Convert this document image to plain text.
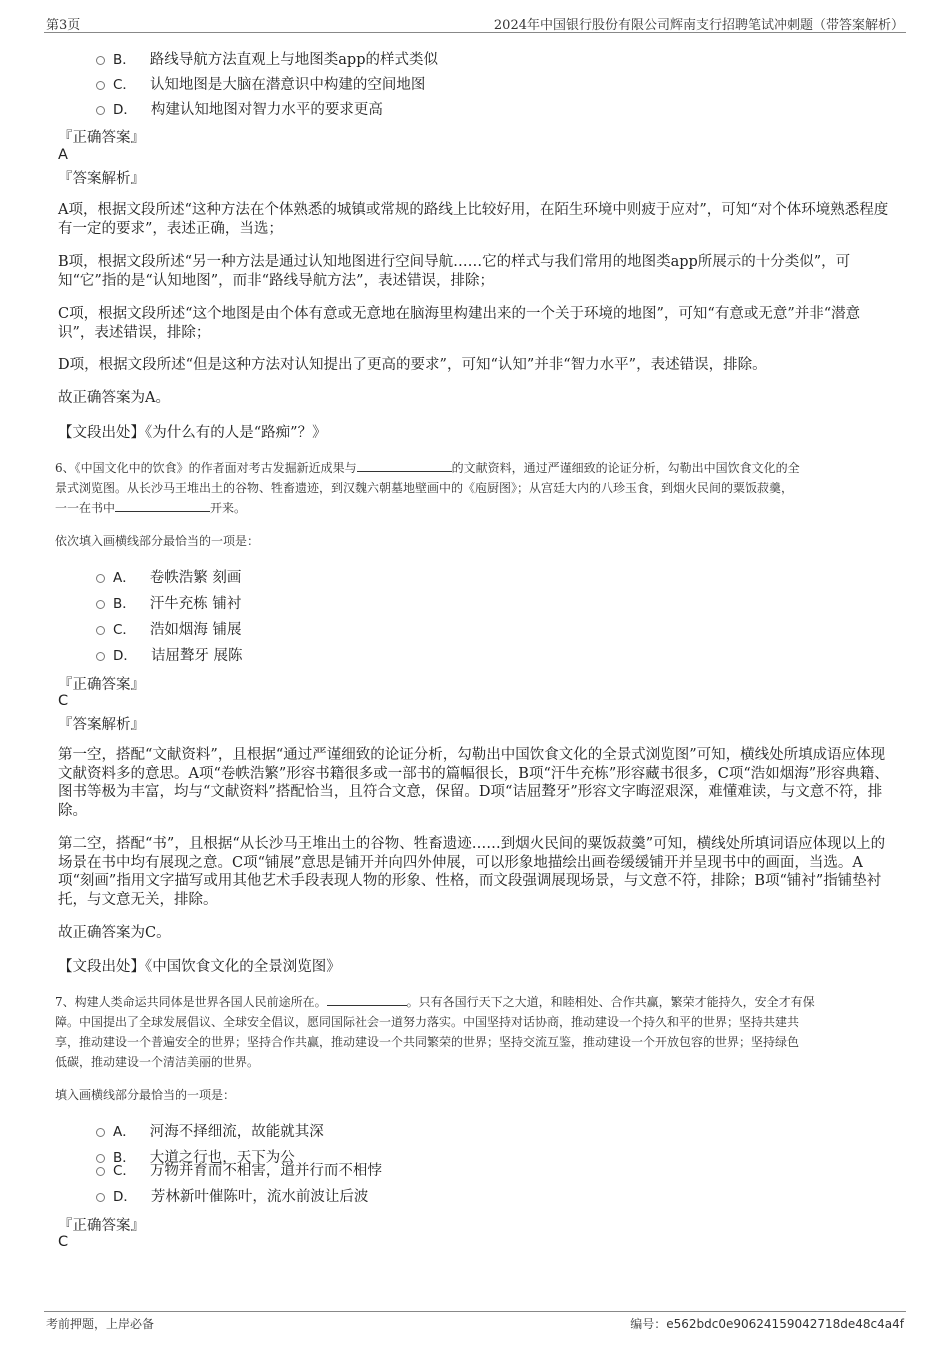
第3页	2024年中国银行股份有限公司辉南支行招聘笔试冲刺题（带答案解析）
B． 路线导航方法直观上与地图类app的样式类似
C． 认知地图是大脑在潜意识中构建的空间地图
D． 构建认知地图对智力水平的要求更高
『正确答案』
A
『答案解析』
A项，根据文段所述“这种方法在个体熟悉的城镇或常规的路线上比较好用，在陌生环境中则疲于应对”，可知“对个体环境熟悉程度有一定的要求”，表述正确，当选；
B项，根据文段所述“另一种方法是通过认知地图进行空间导航……它的样式与我们常用的地图类app所展示的十分类似”，可知“它”指的是“认知地图”，而非“路线导航方法”，表述错误，排除；
C项，根据文段所述“这个地图是由个体有意或无意地在脑海里构建出来的一个关于环境的地图”，可知“有意或无意”并非“潜意识”，表述错误，排除；
D项，根据文段所述“但是这种方法对认知提出了更高的要求”，可知“认知”并非“智力水平”，表述错误，排除。
故正确答案为A。
【文段出处】《为什么有的人是“路痴”？》
6、《中国文化中的饮食》的作者面对考古发掘新近成果与	的文献资料，通过严谨细致的论证分析，勾勒出中国饮食文化的全
景式浏览图。从长沙马王堆出土的谷物、牲畜遗迹，到汉魏六朝墓地壁画中的《庖厨图》；从宫廷大内的八珍玉食，到烟火民间的粟饭菽羹，
一一在书中	开来。
依次填入画横线部分最恰当的一项是：
A． 卷帙浩繁 刻画
B． 汗牛充栋 铺衬
C． 浩如烟海 铺展
D． 诘屈聱牙 展陈
『正确答案』
C
『答案解析』
第一空，搭配“文献资料”，且根据“通过严谨细致的论证分析，勾勒出中国饮食文化的全景式浏览图”可知，横线处所填成语应体现文献资料多的意思。A项“卷帙浩繁”形容书籍很多或一部书的篇幅很长，B项“汗牛充栋”形容藏书很多，C项“浩如烟海”形容典籍、图书等极为丰富，均与“文献资料”搭配恰当，且符合文意，保留。D项“诘屈聱牙”形容文字晦涩艰深，难懂难读，与文意不符，排除。
第二空，搭配“书”，且根据“从长沙马王堆出土的谷物、牲畜遗迹……到烟火民间的粟饭菽羹”可知，横线处所填词语应体现以上的场景在书中均有展现之意。C项“铺展”意思是铺开并向四外伸展，可以形象地描绘出画卷缓缓铺开并呈现书中的画面，当选。A项“刻画”指用文字描写或用其他艺术手段表现人物的形象、性格，而文段强调展现场景，与文意不符，排除；B项“铺衬”指铺垫衬托，与文意无关，排除。
故正确答案为C。
【文段出处】《中国饮食文化的全景浏览图》
7、构建人类命运共同体是世界各国人民前途所在。	。只有各国行天下之大道，和睦相处、合作共赢，繁荣才能持久，安全才有保
障。中国提出了全球发展倡议、全球安全倡议，愿同国际社会一道努力落实。中国坚持对话协商，推动建设一个持久和平的世界；坚持共建共
享，推动建设一个普遍安全的世界；坚持合作共赢，推动建设一个共同繁荣的世界；坚持交流互鉴，推动建设一个开放包容的世界；坚持绿色
低碳，推动建设一个清洁美丽的世界。
填入画横线部分最恰当的一项是：
A． 河海不择细流，故能就其深
B． 大道之行也，天下为公
C． 万物并育而不相害，道并行而不相悖
D． 芳林新叶催陈叶，流水前波让后波
『正确答案』
C
考前押题，上岸必备	编号：e562bdc0e90624159042718de48c4a4f
